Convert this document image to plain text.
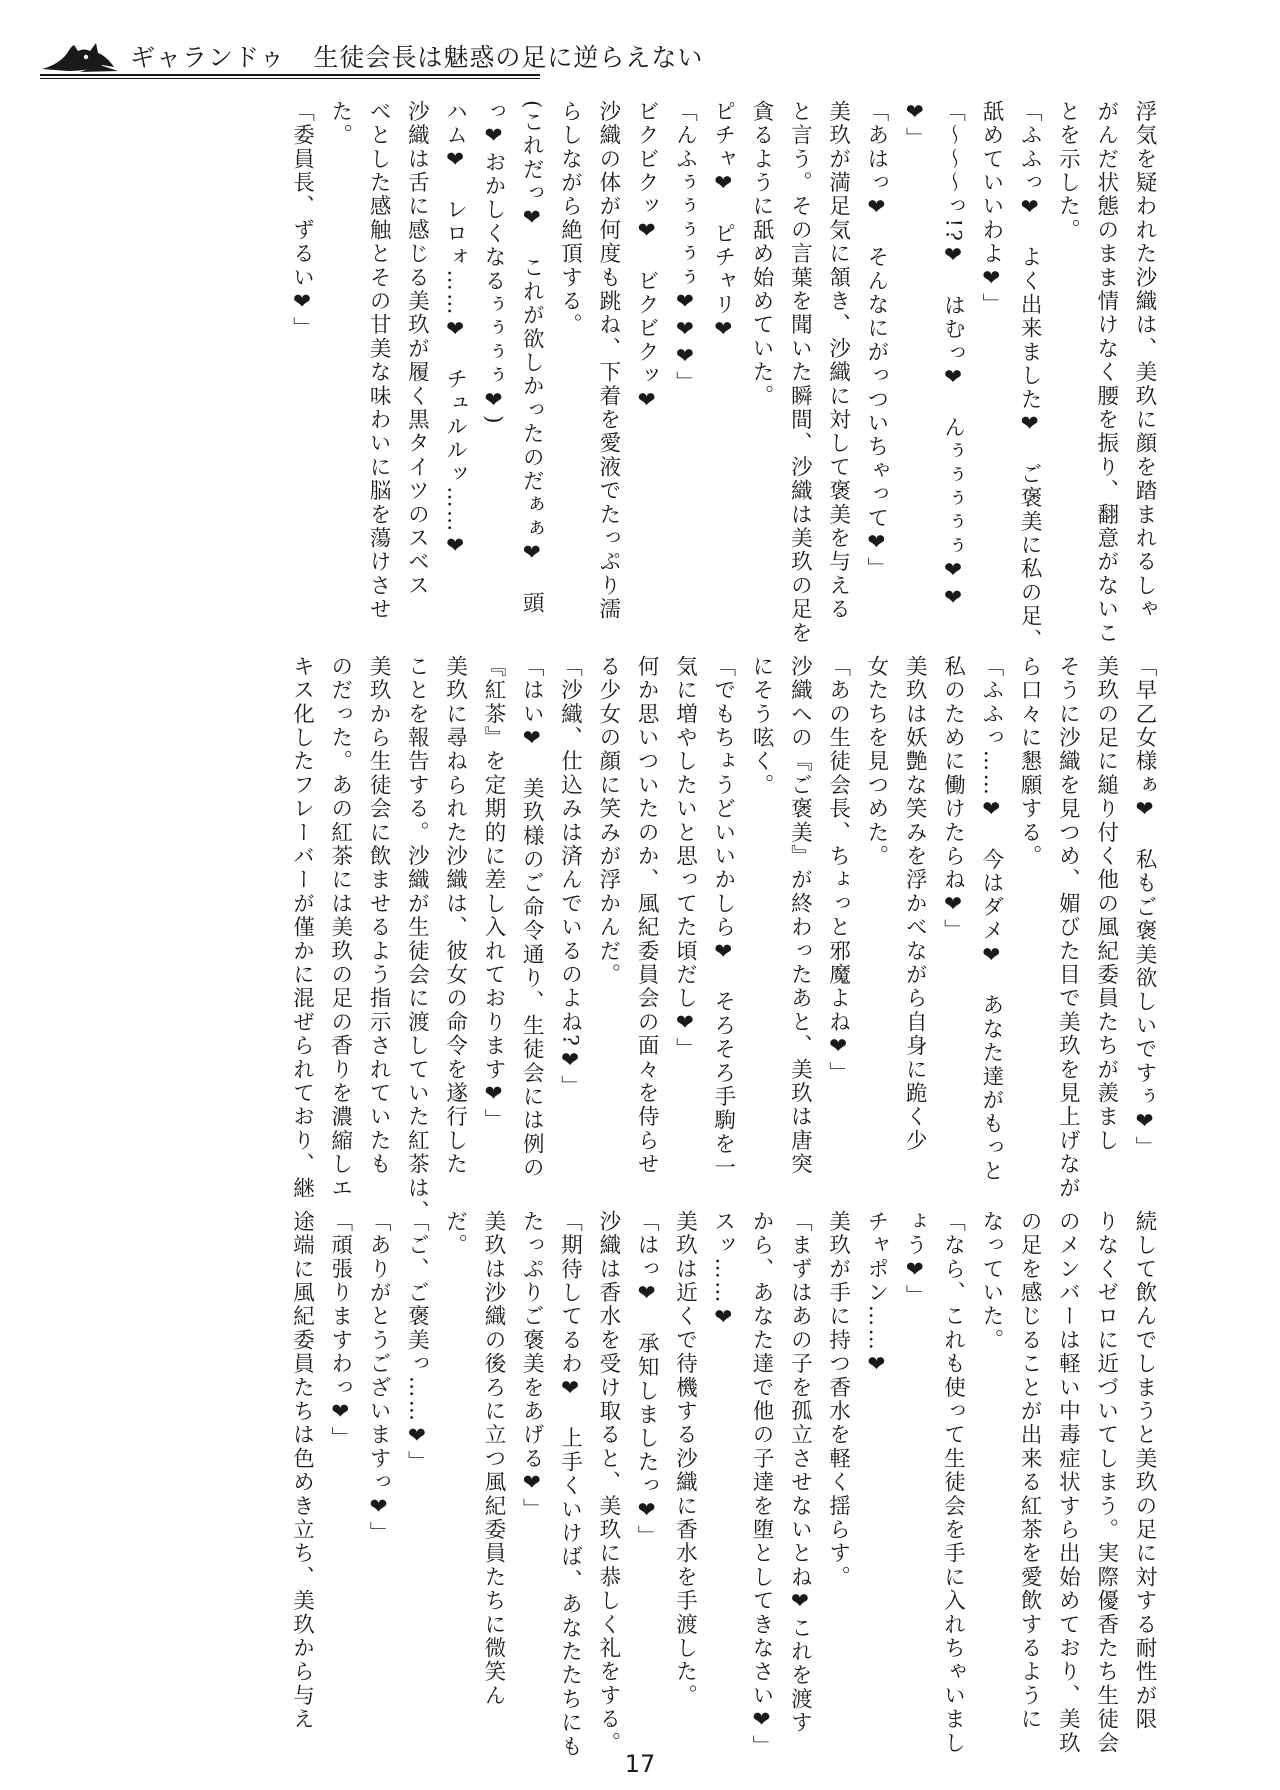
ギャランドゥ 生徒会長は魅惑の足に逆らえない

浮気を疑われた沙織は、美玖に顔を踏まれるしゃ

がんだ状態のまま情けなく腰を振り、翻意がないこ

とを示した。

「ふふっ❤　よく出来ました❤　ご褒美に私の足、

舐めていいわよ❤」

「〜〜〜っ!?❤　はむっ❤　んぅぅぅぅぅ❤❤

❤」

「あはっ❤　そんなにがっついちゃって❤」

美玖が満足気に頷き、沙織に対して褒美を与える

と言う。その言葉を聞いた瞬間、沙織は美玖の足を

貪るように舐め始めていた。

ピチャ❤　ピチャリ❤

「んふぅぅぅぅぅ❤❤❤」

ビクビクッ❤　ビクビクッ❤

沙織の体が何度も跳ね、下着を愛液でたっぷり濡

らしながら絶頂する。

(これだっ❤　これが欲しかったのだぁぁ❤　頭

っ❤おかしくなるぅぅぅぅ❤)

ハム❤　レロォ……❤　チュルルッ……❤

沙織は舌に感じる美玖が履く黒タイツのスベス

べとした感触とその甘美な味わいに脳を蕩けさせ

た。

「委員長、ずるい❤」

「早乙女様ぁ❤　私もご褒美欲しいですぅ❤」

美玖の足に縋り付く他の風紀委員たちが羨まし

そうに沙織を見つめ、媚びた目で美玖を見上げなが

ら口々に懇願する。

「ふふっ……❤　今はダメ❤　あなた達がもっと

私のために働けたらね❤」

美玖は妖艶な笑みを浮かべながら自身に跪く少

女たちを見つめた。

「あの生徒会長、ちょっと邪魔よね❤」

沙織への『ご褒美』が終わったあと、美玖は唐突

にそう呟く。

「でもちょうどいいかしら❤　そろそろ手駒を一

気に増やしたいと思ってた頃だし❤」

何か思いついたのか、風紀委員会の面々を侍らせ

る少女の顔に笑みが浮かんだ。

「沙織、仕込みは済んでいるのよね?❤」

「はい❤　美玖様のご命令通り、生徒会には例の

『紅茶』を定期的に差し入れております❤」

美玖に尋ねられた沙織は、彼女の命令を遂行した

ことを報告する。沙織が生徒会に渡していた紅茶は、

美玖から生徒会に飲ませるよう指示されていたも

のだった。あの紅茶には美玖の足の香りを濃縮しエ

キス化したフレーバーが僅かに混ぜられており、継

続して飲んでしまうと美玖の足に対する耐性が限

りなくゼロに近づいてしまう。実際優香たち生徒会

のメンバーは軽い中毒症状すら出始めており、美玖

の足を感じることが出来る紅茶を愛飲するように

なっていた。

「なら、これも使って生徒会を手に入れちゃいまし

ょう❤」

チャポン……❤

美玖が手に持つ香水を軽く揺らす。

「まずはあの子を孤立させないとね❤これを渡す

から、あなた達で他の子達を堕としてきなさい❤」

スッ……❤

美玖は近くで待機する沙織に香水を手渡した。

「はっ❤　承知しましたっ❤」

沙織は香水を受け取ると、美玖に恭しく礼をする。

「期待してるわ❤　上手くいけば、あなたたちにも

たっぷりご褒美をあげる❤」

美玖は沙織の後ろに立つ風紀委員たちに微笑ん

だ。

「ご、ご褒美っ……❤」

「ありがとうございますっ❤」

「頑張りますわっ❤」

途端に風紀委員たちは色めき立ち、美玖から与え

17
